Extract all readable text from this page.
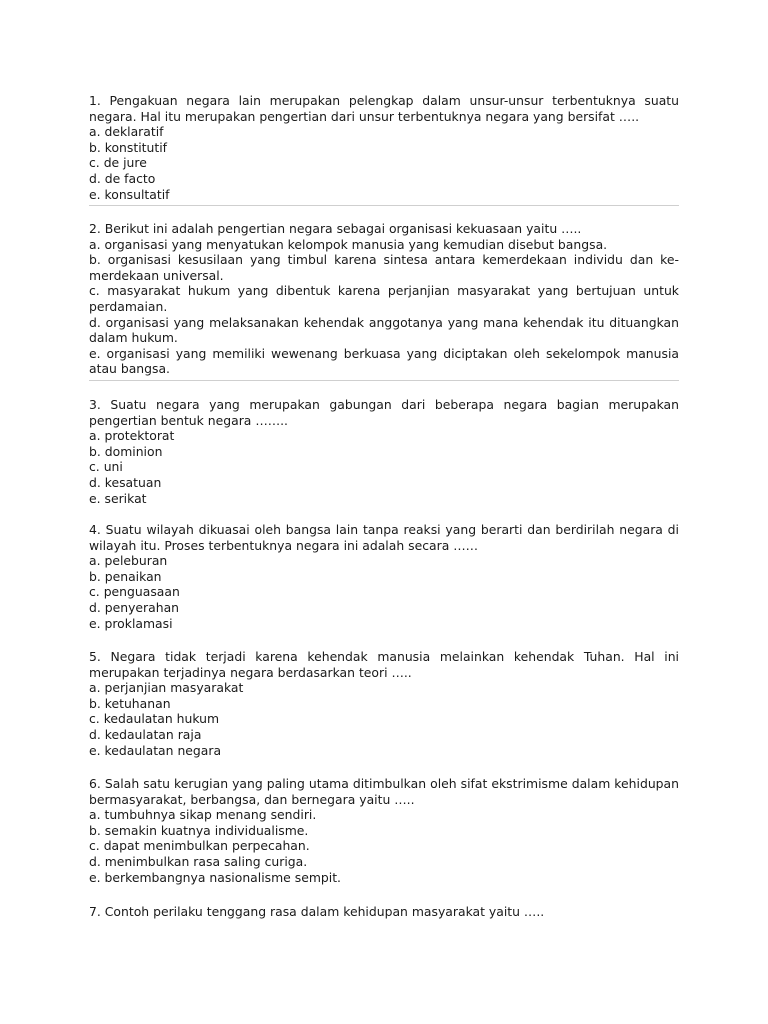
1. Pengakuan negara lain merupakan pelengkap dalam unsur-unsur terbentuknya suatu negara. Hal itu merupakan pengertian dari unsur terbentuknya negara yang bersifat …..
a. deklaratif
b. konstitutif
c. de jure
d. de facto
e. konsultatif
2. Berikut ini adalah pengertian negara sebagai organisasi kekuasaan yaitu …..
a. organisasi yang menyatukan kelompok manusia yang kemudian disebut bangsa.
b. organisasi kesusilaan yang timbul karena sintesa antara kemerdekaan individu dan ke-merdekaan universal.
c. masyarakat hukum yang dibentuk karena perjanjian masyarakat yang bertujuan untuk perdamaian.
d. organisasi yang melaksanakan kehendak anggotanya yang mana kehendak itu dituangkan dalam hukum.
e. organisasi yang memiliki wewenang berkuasa yang diciptakan oleh sekelompok manusia atau bangsa.
3. Suatu negara yang merupakan gabungan dari beberapa negara bagian merupakan pengertian bentuk negara ……..
a. protektorat
b. dominion
c. uni
d. kesatuan
e. serikat
4. Suatu wilayah dikuasai oleh bangsa lain tanpa reaksi yang berarti dan berdirilah negara di wilayah itu. Proses terbentuknya negara ini adalah secara ……
a. peleburan
b. penaikan
c. penguasaan
d. penyerahan
e. proklamasi
5. Negara tidak terjadi karena kehendak manusia melainkan kehendak Tuhan. Hal ini merupakan terjadinya negara berdasarkan teori …..
a. perjanjian masyarakat
b. ketuhanan
c. kedaulatan hukum
d. kedaulatan raja
e. kedaulatan negara
6. Salah satu kerugian yang paling utama ditimbulkan oleh sifat ekstrimisme dalam kehidupan bermasyarakat, berbangsa, dan bernegara yaitu …..
a. tumbuhnya sikap menang sendiri.
b. semakin kuatnya individualisme.
c. dapat menimbulkan perpecahan.
d. menimbulkan rasa saling curiga.
e. berkembangnya nasionalisme sempit.
7. Contoh perilaku tenggang rasa dalam kehidupan masyarakat yaitu …..
